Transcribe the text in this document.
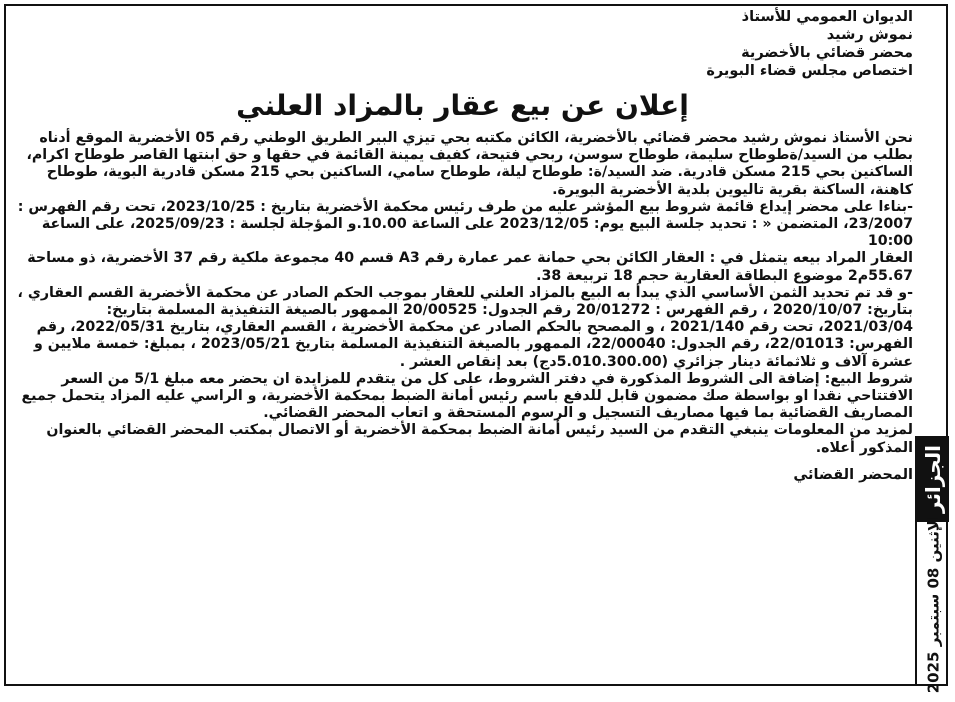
الديوان العمومي للأستاذ
نموش رشيد
محضر قضائي بالأخضرية
اختصاص مجلس قضاء البويرة
إعلان عن بيع عقار بالمزاد العلني

نحن الأستاذ نموش رشيد محضر قضائي بالأخضرية، الكائن مكتبه بحي تيزي البير الطريق الوطني رقم 05 الأخضرية الموقع أدناه

بطلب من السيد/ةطوطاح سليمة، طوطاح سوسن، ربحي فتيحة، كفيف يمينة القائمة في حقها و حق ابنتها القاصر طوطاح اكرام، الساكنين بحي 215 مسكن قادرية. ضد السيد/ة: طوطاح ليلة، طوطاح سامي، الساكنين بحي 215 مسكن قادرية البوية، طوطاح كاهنة، الساكنة بقرية تاليوين بلدية الأخضرية البويرة.

-بناءا على محضر إيداع قائمة شروط بيع المؤشر عليه من طرف رئيس محكمة الأخضرية بتاريخ : 2023/10/25، تحت رقم الفهرس : 23/2007، المتضمن « : تحديد جلسة البيع يوم: 2023/12/05 على الساعة 10.00.و المؤجلة لجلسة : 2025/09/23، على الساعة 10:00

العقار المراد بيعه يتمثل في : العقار الكائن بحي حمانة عمر عمارة رقم A3 قسم 40 مجموعة ملكية رقم 37 الأخضرية، ذو مساحة 55.67م2 موضوع البطاقة العقارية حجم 18 تربيعة 38.

-و قد تم تحديد الثمن الأساسي الذي يبدأ به البيع بالمزاد العلني للعقار بموجب الحكم الصادر عن محكمة الأخضرية القسم العقاري ، بتاريخ: 2020/10/07 ، رقم الفهرس : 20/01272 رقم الجدول: 20/00525 الممهور بالصيغة التنفيذية المسلمة بتاريخ: 2021/03/04، تحت رقم 2021/140 ، و المصحح بالحكم الصادر عن محكمة الأخضرية ، القسم العقاري، بتاريخ 2022/05/31، رقم الفهرس: 22/01013، رقم الجدول: 22/00040، الممهور بالصيغة التنفيذية المسلمة بتاريخ 2023/05/21 ، بمبلغ: خمسة ملايين و عشرة آلاف و ثلاثمائة دينار جزائري (5.010.300.00دج) بعد إنقاص العشر .

شروط البيع: إضافة الى الشروط المذكورة في دفتر الشروط، على كل من يتقدم للمزايدة ان يحضر معه مبلغ 5/1 من السعر الافتتاحي نقدا او بواسطة صك مضمون قابل للدفع باسم رئيس أمانة الضبط بمحكمة الأخضرية، و الراسي عليه المزاد يتحمل جميع المصاريف القضائية بما فيها مصاريف التسجيل و الرسوم المستحقة و اتعاب المحضر القضائي.

لمزيد من المعلومات ينبغي التقدم من السيد رئيس أمانة الضبط بمحكمة الأخضرية أو الاتصال بمكتب المحضر القضائي بالعنوان المذكور أعلاه.

المحضر القضائي الجزائر
الإثنين 08 سبتمبر 2025
